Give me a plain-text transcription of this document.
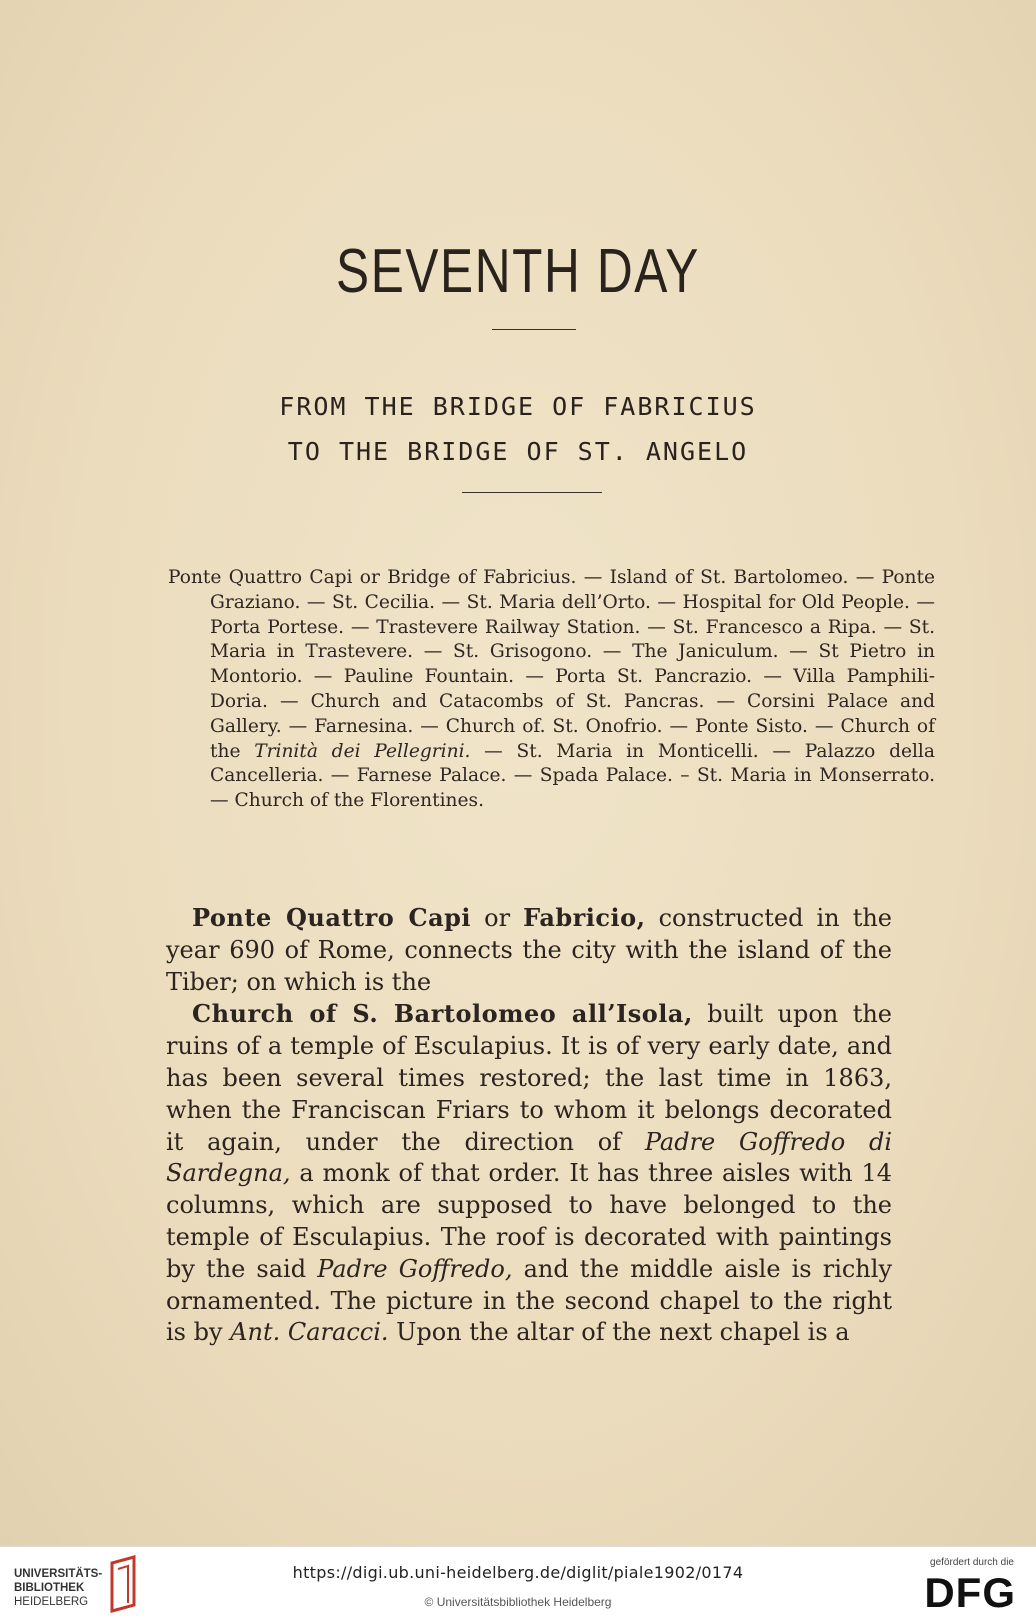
SEVENTH DAY
FROM THE BRIDGE OF FABRICIUS
TO THE BRIDGE OF ST. ANGELO
Ponte Quattro Capi or Bridge of Fabricius. — Island of St. Bartolomeo. — Ponte Graziano. — St. Cecilia. — St. Maria dell’Orto. — Hospital for Old People. — Porta Portese. — Trastevere Railway Station. — St. Francesco a Ripa. — St. Maria in Trastevere. — St. Grisogono. — The Janiculum. — St Pietro in Montorio. — Pauline Fountain. — Porta St. Pancrazio. — Villa Pamphili-Doria. — Church and Catacombs of St. Pancras. — Corsini Palace and Gallery. — Farnesina. — Church of. St. Onofrio. — Ponte Sisto. — Church of the Trinità dei Pellegrini. — St. Maria in Monticelli. — Palazzo della Cancelleria. — Farnese Palace. — Spada Palace. – St. Maria in Monserrato. — Church of the Florentines.

Ponte Quattro Capi or Fabricio, constructed in the year 690 of Rome, connects the city with the island of the Tiber; on which is the

Church of S. Bartolomeo all’Isola, built upon the ruins of a temple of Esculapius. It is of very early date, and has been several times restored; the last time in 1863, when the Franciscan Friars to whom it belongs decorated it again, under the direction of Padre Goffredo di Sardegna, a monk of that order. It has three aisles with 14 columns, which are supposed to have belonged to the temple of Esculapius. The roof is decorated with paintings by the said Padre Goffredo, and the middle aisle is richly ornamented. The picture in the second chapel to the right is by Ant. Caracci. Upon the altar of the next chapel is a

UNIVERSITÄTS-
BIBLIOTHEK
HEIDELBERG
https://digi.ub.uni-heidelberg.de/diglit/piale1902/0174
© Universitätsbibliothek Heidelberg
gefördert durch die
DFG
